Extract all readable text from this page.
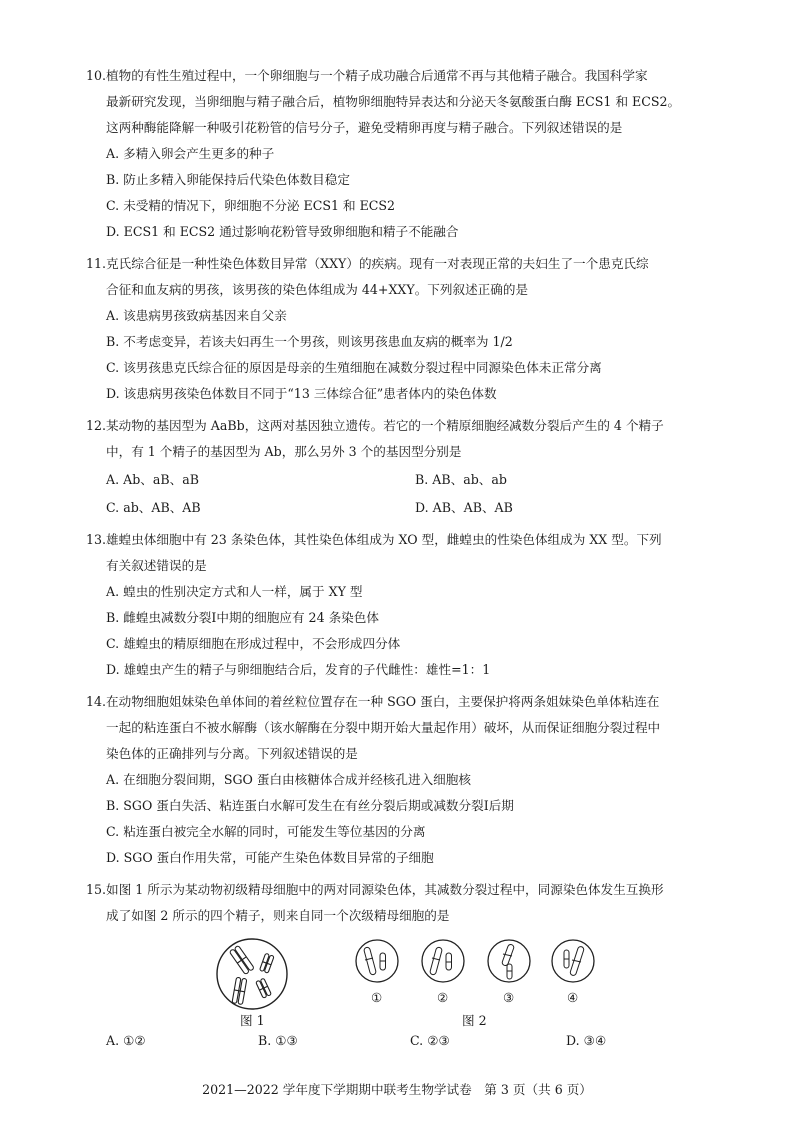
10.植物的有性生殖过程中，一个卵细胞与一个精子成功融合后通常不再与其他精子融合。我国科学家
最新研究发现，当卵细胞与精子融合后，植物卵细胞特异表达和分泌天冬氨酸蛋白酶 ECS1 和 ECS2。
这两种酶能降解一种吸引花粉管的信号分子，避免受精卵再度与精子融合。下列叙述错误的是
A. 多精入卵会产生更多的种子
B. 防止多精入卵能保持后代染色体数目稳定
C. 未受精的情况下，卵细胞不分泌 ECS1 和 ECS2
D. ECS1 和 ECS2 通过影响花粉管导致卵细胞和精子不能融合
11.克氏综合征是一种性染色体数目异常（XXY）的疾病。现有一对表现正常的夫妇生了一个患克氏综
合征和血友病的男孩，该男孩的染色体组成为 44+XXY。下列叙述正确的是
A. 该患病男孩致病基因来自父亲
B. 不考虑变异，若该夫妇再生一个男孩，则该男孩患血友病的概率为 1/2
C. 该男孩患克氏综合征的原因是母亲的生殖细胞在减数分裂过程中同源染色体未正常分离
D. 该患病男孩染色体数目不同于“13 三体综合征”患者体内的染色体数
12.某动物的基因型为 AaBb，这两对基因独立遗传。若它的一个精原细胞经减数分裂后产生的 4 个精子
中，有 1 个精子的基因型为 Ab，那么另外 3 个的基因型分别是
A. Ab、aB、aB	B. AB、ab、ab
C. ab、AB、AB	D. AB、AB、AB
13.雄蝗虫体细胞中有 23 条染色体，其性染色体组成为 XO 型，雌蝗虫的性染色体组成为 XX 型。下列
有关叙述错误的是
A. 蝗虫的性别决定方式和人一样，属于 XY 型
B. 雌蝗虫减数分裂Ⅰ中期的细胞应有 24 条染色体
C. 雄蝗虫的精原细胞在形成过程中，不会形成四分体
D. 雄蝗虫产生的精子与卵细胞结合后，发育的子代雌性：雄性=1：1
14.在动物细胞姐妹染色单体间的着丝粒位置存在一种 SGO 蛋白，主要保护将两条姐妹染色单体粘连在
一起的粘连蛋白不被水解酶（该水解酶在分裂中期开始大量起作用）破坏，从而保证细胞分裂过程中
染色体的正确排列与分离。下列叙述错误的是
A. 在细胞分裂间期，SGO 蛋白由核糖体合成并经核孔进入细胞核
B. SGO 蛋白失活、粘连蛋白水解可发生在有丝分裂后期或减数分裂Ⅰ后期
C. 粘连蛋白被完全水解的同时，可能发生等位基因的分离
D. SGO 蛋白作用失常，可能产生染色体数目异常的子细胞
15.如图 1 所示为某动物初级精母细胞中的两对同源染色体，其减数分裂过程中，同源染色体发生互换形
成了如图 2 所示的四个精子，则来自同一个次级精母细胞的是
图 1
①	②	③	④
图 2
A. ①②	B. ①③	C. ②③	D. ③④
2021—2022 学年度下学期期中联考生物学试卷　第 3 页（共 6 页）
